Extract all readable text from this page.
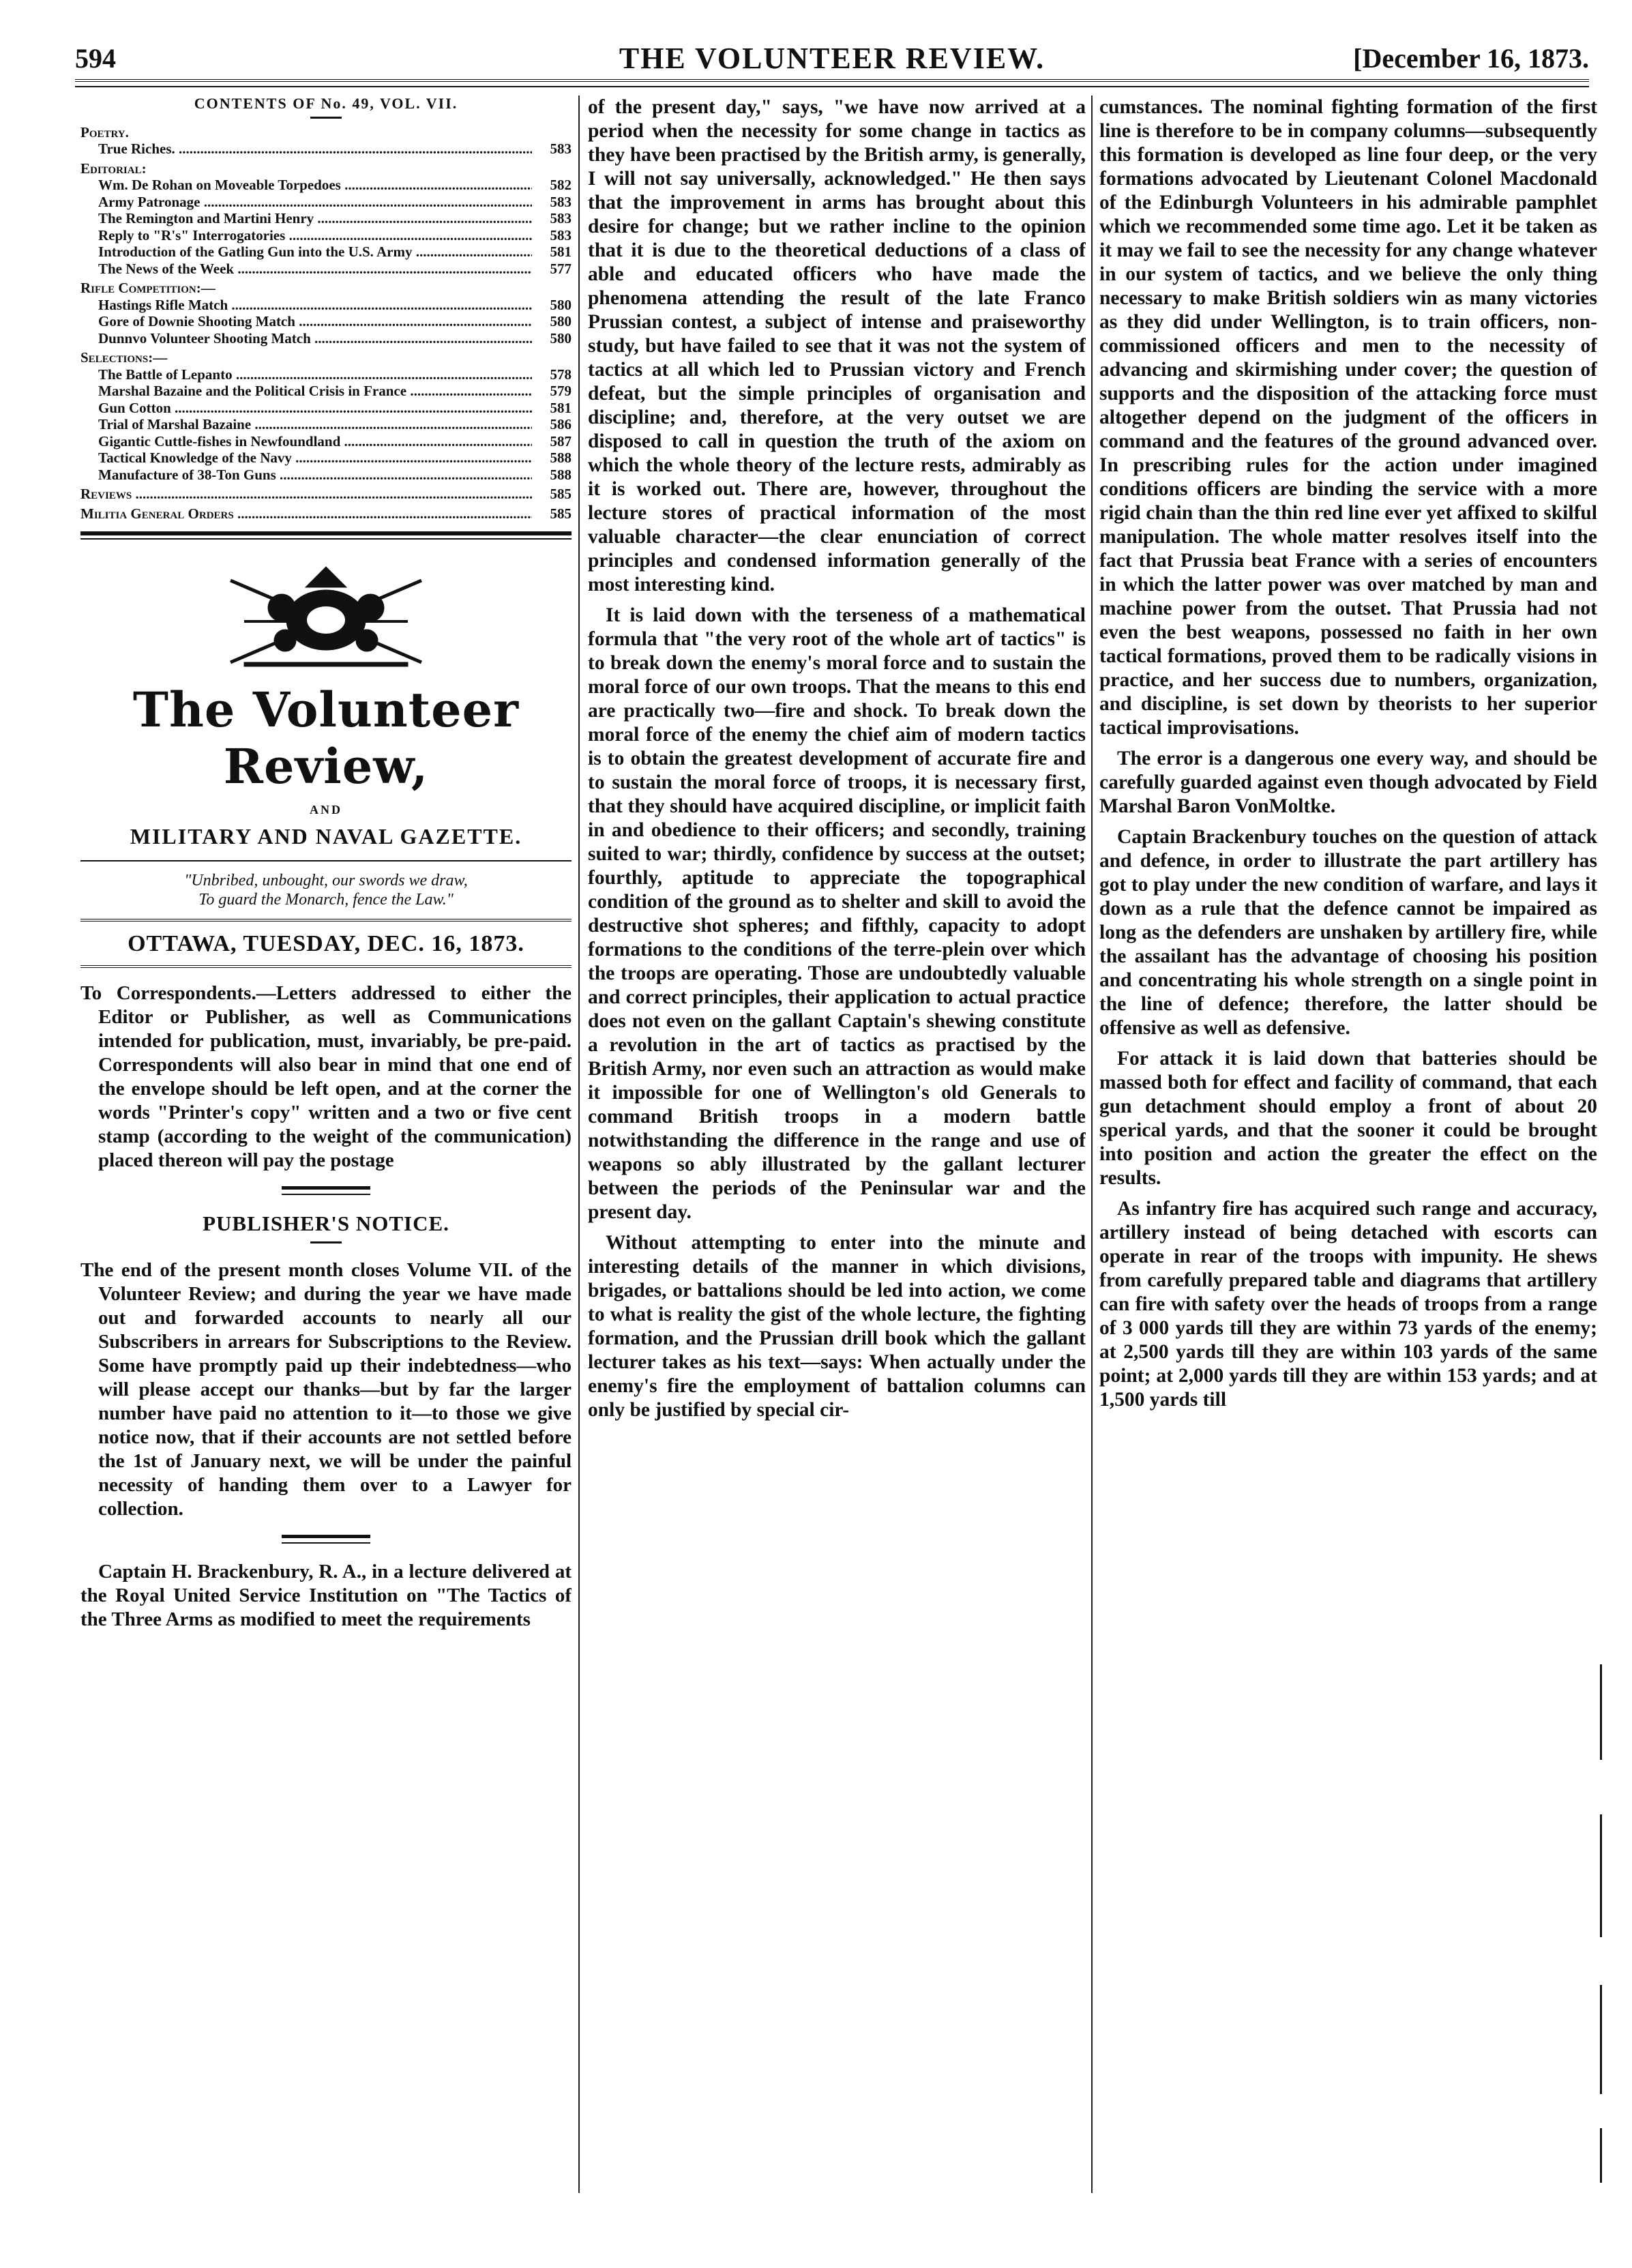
594	THE VOLUNTEER REVIEW.	[December 16, 1873.
CONTENTS OF No. 49, VOL. VII.
Poetry.
True Riches. .....	583
Editorial:
Wm. De Rohan on Moveable Torpedoes .....	582
Army Patronage .....	583
The Remington and Martini Henry .....	583
Reply to "R's" Interrogatories .....	583
Introduction of the Gatling Gun into the U.S. Army .....	581
The News of the Week .....	577
Rifle Competition:—
Hastings Rifle Match .....	580
Gore of Downie Shooting Match .....	580
Dunnvo Volunteer Shooting Match .....	580
Selections:—
The Battle of Lepanto .....	578
Marshal Bazaine and the Political Crisis in France .....	579
Gun Cotton .....	581
Trial of Marshal Bazaine .....	586
Gigantic Cuttle-fishes in Newfoundland .....	587
Tactical Knowledge of the Navy .....	588
Manufacture of 38-Ton Guns .....	588
Reviews .....	585
Militia General Orders .....	585
The Volunteer Review,
AND
MILITARY AND NAVAL GAZETTE.
"Unbribed, unbought, our swords we draw,
To guard the Monarch, fence the Law."
OTTAWA, TUESDAY, DEC. 16, 1873.

To Correspondents.—Letters addressed to either the Editor or Publisher, as well as Communications intended for publication, must, invariably, be pre-paid. Correspondents will also bear in mind that one end of the envelope should be left open, and at the corner the words "Printer's copy" written and a two or five cent stamp (according to the weight of the communication) placed thereon will pay the postage

PUBLISHER'S NOTICE.

The end of the present month closes Volume VII. of the Volunteer Review; and during the year we have made out and forwarded accounts to nearly all our Subscribers in arrears for Subscriptions to the Review. Some have promptly paid up their indebtedness—who will please accept our thanks—but by far the larger number have paid no attention to it—to those we give notice now, that if their accounts are not settled before the 1st of January next, we will be under the painful necessity of handing them over to a Lawyer for collection.

Captain H. Brackenbury, R. A., in a lecture delivered at the Royal United Service Institution on "The Tactics of the Three Arms as modified to meet the requirements

of the present day," says, "we have now arrived at a period when the necessity for some change in tactics as they have been practised by the British army, is generally, I will not say universally, acknowledged." He then says that the improvement in arms has brought about this desire for change; but we rather incline to the opinion that it is due to the theoretical deductions of a class of able and educated officers who have made the phenomena attending the result of the late Franco Prussian contest, a subject of intense and praiseworthy study, but have failed to see that it was not the system of tactics at all which led to Prussian victory and French defeat, but the simple principles of organisation and discipline; and, therefore, at the very outset we are disposed to call in question the truth of the axiom on which the whole theory of the lecture rests, admirably as it is worked out. There are, however, throughout the lecture stores of practical information of the most valuable character—the clear enunciation of correct principles and condensed information generally of the most interesting kind.

It is laid down with the terseness of a mathematical formula that "the very root of the whole art of tactics" is to break down the enemy's moral force and to sustain the moral force of our own troops. That the means to this end are practically two—fire and shock. To break down the moral force of the enemy the chief aim of modern tactics is to obtain the greatest development of accurate fire and to sustain the moral force of troops, it is necessary first, that they should have acquired discipline, or implicit faith in and obedience to their officers; and secondly, training suited to war; thirdly, confidence by success at the outset; fourthly, aptitude to appreciate the topographical condition of the ground as to shelter and skill to avoid the destructive shot spheres; and fifthly, capacity to adopt formations to the conditions of the terre-plein over which the troops are operating. Those are undoubtedly valuable and correct principles, their application to actual practice does not even on the gallant Captain's shewing constitute a revolution in the art of tactics as practised by the British Army, nor even such an attraction as would make it impossible for one of Wellington's old Generals to command British troops in a modern battle notwithstanding the difference in the range and use of weapons so ably illustrated by the gallant lecturer between the periods of the Peninsular war and the present day.

Without attempting to enter into the minute and interesting details of the manner in which divisions, brigades, or battalions should be led into action, we come to what is reality the gist of the whole lecture, the fighting formation, and the Prussian drill book which the gallant lecturer takes as his text—says: When actually under the enemy's fire the employment of battalion columns can only be justified by special cir-

cumstances. The nominal fighting formation of the first line is therefore to be in company columns—subsequently this formation is developed as line four deep, or the very formations advocated by Lieutenant Colonel Macdonald of the Edinburgh Volunteers in his admirable pamphlet which we recommended some time ago. Let it be taken as it may we fail to see the necessity for any change whatever in our system of tactics, and we believe the only thing necessary to make British soldiers win as many victories as they did under Wellington, is to train officers, non-commissioned officers and men to the necessity of advancing and skirmishing under cover; the question of supports and the disposition of the attacking force must altogether depend on the judgment of the officers in command and the features of the ground advanced over. In prescribing rules for the action under imagined conditions officers are binding the service with a more rigid chain than the thin red line ever yet affixed to skilful manipulation. The whole matter resolves itself into the fact that Prussia beat France with a series of encounters in which the latter power was over matched by man and machine power from the outset. That Prussia had not even the best weapons, possessed no faith in her own tactical formations, proved them to be radically visions in practice, and her success due to numbers, organization, and discipline, is set down by theorists to her superior tactical improvisations.

The error is a dangerous one every way, and should be carefully guarded against even though advocated by Field Marshal Baron VonMoltke.

Captain Brackenbury touches on the question of attack and defence, in order to illustrate the part artillery has got to play under the new condition of warfare, and lays it down as a rule that the defence cannot be impaired as long as the defenders are unshaken by artillery fire, while the assailant has the advantage of choosing his position and concentrating his whole strength on a single point in the line of defence; therefore, the latter should be offensive as well as defensive.

For attack it is laid down that batteries should be massed both for effect and facility of command, that each gun detachment should employ a front of about 20 sperical yards, and that the sooner it could be brought into position and action the greater the effect on the results.

As infantry fire has acquired such range and accuracy, artillery instead of being detached with escorts can operate in rear of the troops with impunity. He shews from carefully prepared table and diagrams that artillery can fire with safety over the heads of troops from a range of 3 000 yards till they are within 73 yards of the enemy; at 2,500 yards till they are within 103 yards of the same point; at 2,000 yards till they are within 153 yards; and at 1,500 yards till
